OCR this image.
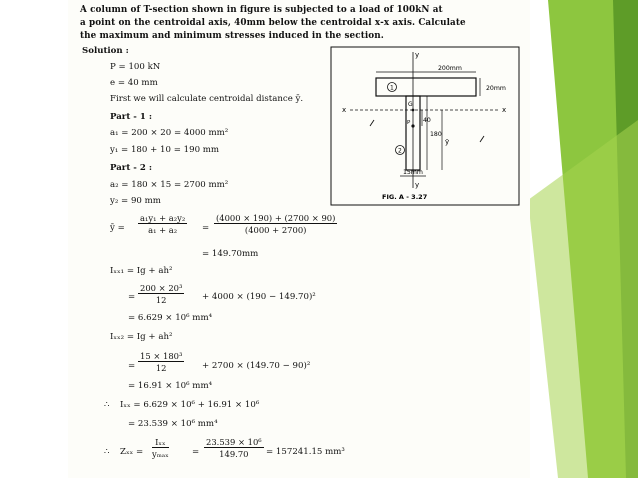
A column of T-section shown in figure is subjected to a load of 100kN at
a point on the centroidal axis, 40mm below the centroidal x-x axis. Calculate
the maximum and minimum stresses induced in the section.
Solution :
P = 100 kN
e = 40 mm
First we will calculate centroidal distance ȳ.
Part - 1 :
a₁ = 200 × 20 = 4000 mm²
y₁ = 180 + 10 = 190 mm
Part - 2 :
a₂ = 180 × 15 = 2700 mm²
y₂ = 90 mm
ȳ = $\frac{\text{a₁y₁ + a₂y₂}}{\text{a₁ + a₂}} = \frac{(4000 \times 190) + (2700 \times 90)}{(4000 + 2700)}$
= 149.70mm
Iₓₓ₁ = Ig + ah²
= $\frac{\text{200 × 20³}}{12} + 4000 \times (190 - 149.70)^2$
= 6.629 × 10⁶ mm⁴
Iₓₓ₂ = Ig + ah²
= $\frac{\text{15 × 180³}}{12} + 2700 \times (149.70 - 90)^2$
= 16.91 × 10⁶ mm⁴
∴ Iₓₓ = 6.629 × 10⁶ + 16.91 × 10⁶
= 23.539 × 10⁶ mm⁴
∴ Zₓₓ =
Iₓₓ
yₘₐₓ	= $\frac{\text{23.539 × 10⁶}}{149.70} = 157241.15$ mm³
y
y
x	x
200mm
20mm
40
180
ȳ
15mm
G
P
1
2
FIG. A - 3.27
